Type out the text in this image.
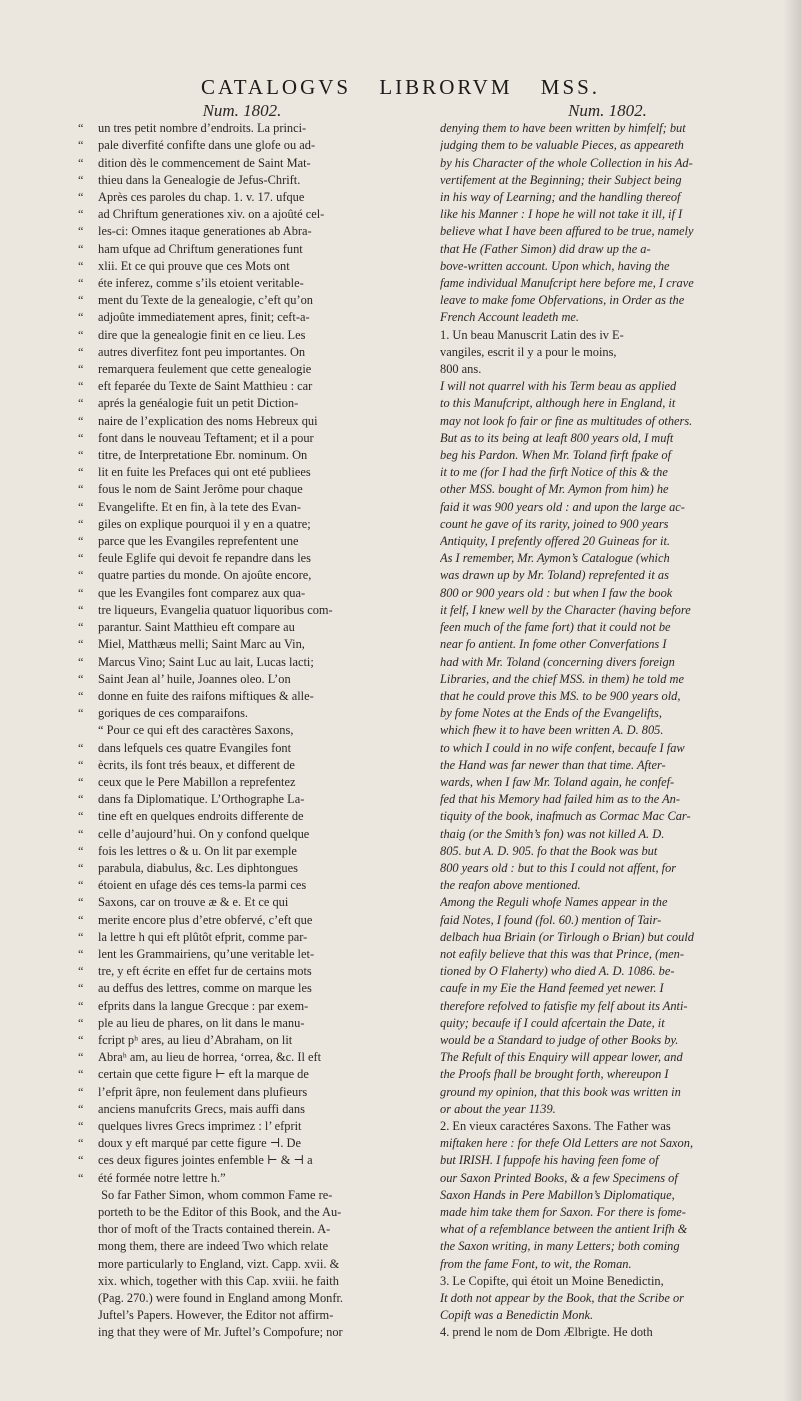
CATALOGVS LIBRORVM MSS.
Num. 1802.
“ un tres petit nombre d’endroits. La princi-
“ pale diverfité confifte dans une glofe ou ad-
“ dition dès le commencement de Saint Mat-
“ thieu dans la Genealogie de Jefus-Chrift.
“ Après ces paroles du chap. 1. v. 17. ufque
“ ad Chriftum generationes xiv. on a ajoûté cel-
“ les-ci: Omnes itaque generationes ab Abra-
“ ham ufque ad Chriftum generationes funt
“ xlii. Et ce qui prouve que ces Mots ont
“ éte inferez, comme s’ils etoient veritable-
“ ment du Texte de la genealogie, c’eft qu’on
“ adjoûte immediatement apres, finit; ceft-a-
“ dire que la genealogie finit en ce lieu. Les
“ autres diverfitez font peu importantes. On
“ remarquera feulement que cette genealogie
“ eft feparée du Texte de Saint Matthieu : car
“ aprés la genéalogie fuit un petit Diction-
“ naire de l’explication des noms Hebreux qui
“ font dans le nouveau Teftament; et il a pour
“ titre, de Interpretatione Ebr. nominum. On
“ lit en fuite les Prefaces qui ont eté publiees
“ fous le nom de Saint Jerôme pour chaque
“ Evangelifte. Et en fin, à la tete des Evan-
“ giles on explique pourquoi il y en a quatre;
“ parce que les Evangiles reprefentent une
“ feule Eglife qui devoit fe repandre dans les
“ quatre parties du monde. On ajoûte encore,
“ que les Evangiles font comparez aux qua-
“ tre liqueurs, Evangelia quatuor liquoribus com-
“ parantur. Saint Matthieu eft compare au
“ Miel, Matthæus melli; Saint Marc au Vin,
“ Marcus Vino; Saint Luc au lait, Lucas lacti;
“ Saint Jean al’ huile, Joannes oleo. L’on
“ donne en fuite des raifons miftiques & alle-
“ goriques de ces comparaifons.
“ Pour ce qui eft des caractères Saxons,
“ dans lefquels ces quatre Evangiles font
“ ècrits, ils font trés beaux, et different de
“ ceux que le Pere Mabillon a reprefentez
“ dans fa Diplomatique. L’Orthographe La-
“ tine eft en quelques endroits differente de
“ celle d’aujourd’hui. On y confond quelque
“ fois les lettres o & u. On lit par exemple
“ parabula, diabulus, &c. Les diphtongues
“ étoient en ufage dés ces tems-la parmi ces
“ Saxons, car on trouve æ & e. Et ce qui
“ merite encore plus d’etre obfervé, c’eft que
“ la lettre h qui eft plûtôt efprit, comme par-
“ lent les Grammairiens, qu’une veritable let-
“ tre, y eft écrite en effet fur de certains mots
“ au deffus des lettres, comme on marque les
“ efprits dans la langue Grecque : par exem-
“ ple au lieu de phares, on lit dans le manu-
“ fcript pʰ ares, au lieu d’Abraham, on lit
“ Abraʰ am, au lieu de horrea, ʻorrea, &c. Il eft
“ certain que cette figure ⊢ eft la marque de
“ l’efprit âpre, non feulement dans plufieurs
“ anciens manufcrits Grecs, mais auffi dans
“ quelques livres Grecs imprimez : l’ efprit
“ doux y eft marqué par cette figure ⊣. De
“ ces deux figures jointes enfemble ⊢ & ⊣ a
“ été formée notre lettre h.”
So far Father Simon, whom common Fame re-
porteth to be the Editor of this Book, and the Au-
thor of moft of the Tracts contained therein. A-
mong them, there are indeed Two which relate
more particularly to England, vizt. Capp. xvii. &
xix. which, together with this Cap. xviii. he faith
(Pag. 270.) were found in England among Monfr.
Juftel’s Papers. However, the Editor not affirm-
ing that they were of Mr. Juftel’s Compofure; nor
Num. 1802.
denying them to have been written by himfelf; but
judging them to be valuable Pieces, as appeareth
by his Character of the whole Collection in his Ad-
vertifement at the Beginning; their Subject being
in his way of Learning; and the handling thereof
like his Manner : I hope he will not take it ill, if I
believe what I have been affured to be true, namely
that He (Father Simon) did draw up the a-
bove-written account. Upon which, having the
fame individual Manufcript here before me, I crave
leave to make fome Obfervations, in Order as the
French Account leadeth me.
1. Un beau Manuscrit Latin des iv E-
vangiles, escrit il y a pour le moins,
800 ans.
I will not quarrel with his Term beau as applied
to this Manufcript, although here in England, it
may not look fo fair or fine as multitudes of others.
But as to its being at leaft 800 years old, I muft
beg his Pardon. When Mr. Toland firft fpake of
it to me (for I had the firft Notice of this & the
other MSS. bought of Mr. Aymon from him) he
faid it was 900 years old : and upon the large ac-
count he gave of its rarity, joined to 900 years
Antiquity, I prefently offered 20 Guineas for it.
As I remember, Mr. Aymon’s Catalogue (which
was drawn up by Mr. Toland) reprefented it as
800 or 900 years old : but when I faw the book
it felf, I knew well by the Character (having before
feen much of the fame fort) that it could not be
near fo antient. In fome other Converfations I
had with Mr. Toland (concerning divers foreign
Libraries, and the chief MSS. in them) he told me
that he could prove this MS. to be 900 years old,
by fome Notes at the Ends of the Evangelifts,
which fhew it to have been written A. D. 805.
to which I could in no wife confent, becaufe I faw
the Hand was far newer than that time. After-
wards, when I faw Mr. Toland again, he confef-
fed that his Memory had failed him as to the An-
tiquity of the book, inafmuch as Cormac Mac Car-
thaig (or the Smith’s fon) was not killed A. D.
805. but A. D. 905. fo that the Book was but
800 years old : but to this I could not affent, for
the reafon above mentioned.
Among the Reguli whofe Names appear in the
faid Notes, I found (fol. 60.) mention of Tair-
delbach hua Briain (or Tirlough o Brian) but could
not eafily believe that this was that Prince, (men-
tioned by O Flaherty) who died A. D. 1086. be-
caufe in my Eie the Hand feemed yet newer. I
therefore refolved to fatisfie my felf about its Anti-
quity; becaufe if I could afcertain the Date, it
would be a Standard to judge of other Books by.
The Refult of this Enquiry will appear lower, and
the Proofs fhall be brought forth, whereupon I
ground my opinion, that this book was written in
or about the year 1139.
2. En vieux caractéres Saxons. The Father was
miftaken here : for thefe Old Letters are not Saxon,
but IRISH. I fuppofe his having feen fome of
our Saxon Printed Books, & a few Specimens of
Saxon Hands in Pere Mabillon’s Diplomatique,
made him take them for Saxon. For there is fome-
what of a refemblance between the antient Irifh &
the Saxon writing, in many Letters; both coming
from the fame Font, to wit, the Roman.
3. Le Copifte, qui étoit un Moine Benedictin,
It doth not appear by the Book, that the Scribe or
Copift was a Benedictin Monk.
4. prend le nom de Dom Ælbrigte. He doth
